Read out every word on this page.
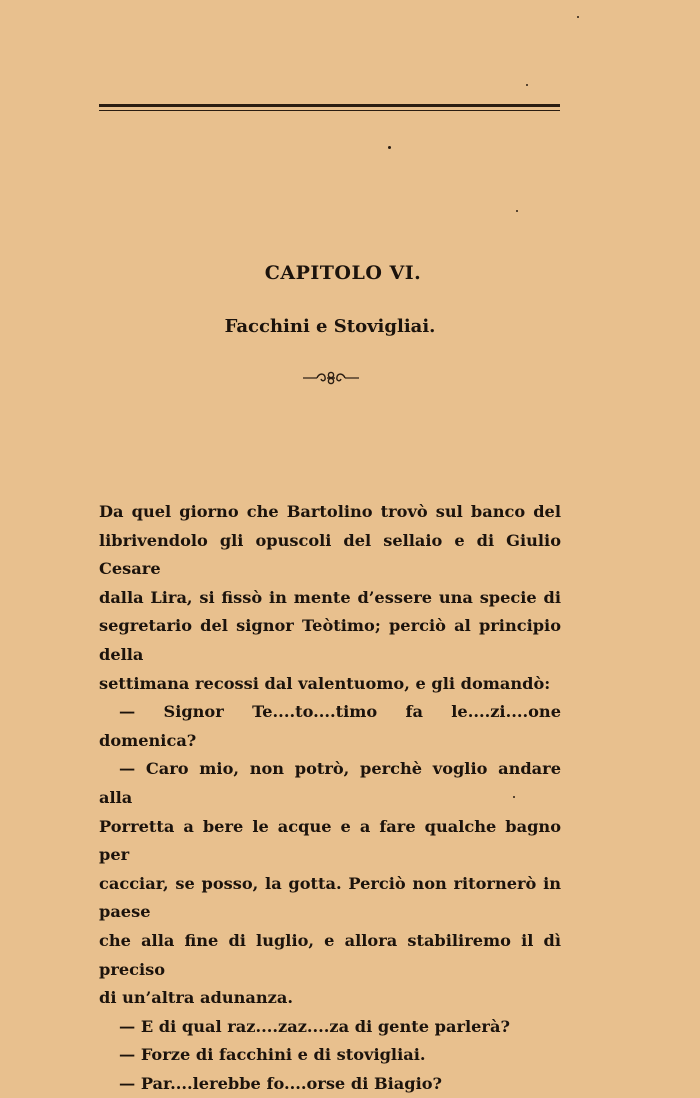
CAPITOLO VI.
Facchini e Stovigliai.

Da quel giorno che Bartolino trovò sul banco del

librivendolo gli opuscoli del sellaio e di Giulio Cesare

dalla Lira, si fissò in mente d’essere una specie di

segretario del signor Teòtimo; perciò al principio della

settimana recossi dal valentuomo, e gli domandò:

— Signor Te....to....timo fa le....zi....one domenica?

— Caro mio, non potrò, perchè voglio andare alla

Porretta a bere le acque e a fare qualche bagno per

cacciar, se posso, la gotta. Perciò non ritornerò in paese

che alla fine di luglio, e allora stabiliremo il dì preciso

di un’altra adunanza.

— E di qual raz....zaz....za di gente parlerà?

— Forze di facchini e di stovigliai.

— Par....lerebbe fo....orse di Biagio?
